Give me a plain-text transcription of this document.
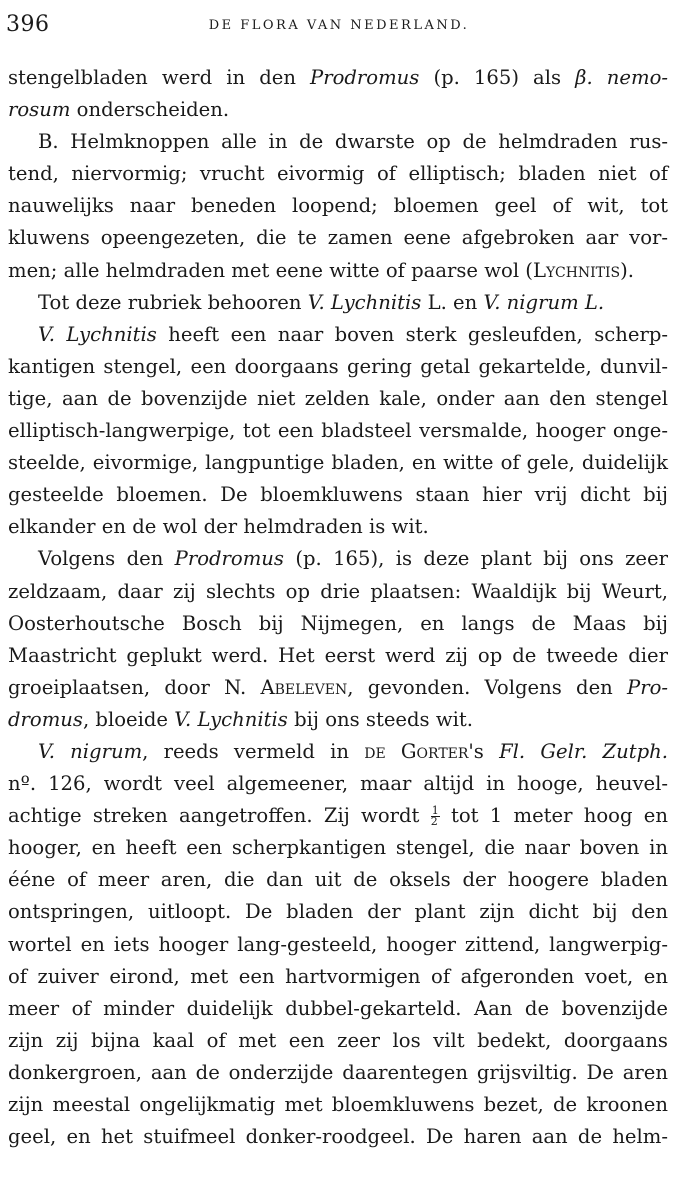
396	DE FLORA VAN NEDERLAND.
stengelbladen werd in den Prodromus (p. 165) als β. nemo-
rosum onderscheiden.
B. Helmknoppen alle in de dwarste op de helmdraden rus-
tend, niervormig; vrucht eivormig of elliptisch; bladen niet of
nauwelijks naar beneden loopend; bloemen geel of wit, tot
kluwens opeengezeten, die te zamen eene afgebroken aar vor-
men; alle helmdraden met eene witte of paarse wol (Lychnitis).
Tot deze rubriek behooren V. Lychnitis L. en V. nigrum L.
V. Lychnitis heeft een naar boven sterk gesleufden, scherp-
kantigen stengel, een doorgaans gering getal gekartelde, dunvil-
tige, aan de bovenzijde niet zelden kale, onder aan den stengel
elliptisch-langwerpige, tot een bladsteel versmalde, hooger onge-
steelde, eivormige, langpuntige bladen, en witte of gele, duidelijk
gesteelde bloemen. De bloemkluwens staan hier vrij dicht bij
elkander en de wol der helmdraden is wit.
Volgens den Prodromus (p. 165), is deze plant bij ons zeer
zeldzaam, daar zij slechts op drie plaatsen: Waaldijk bij Weurt,
Oosterhoutsche Bosch bij Nijmegen, en langs de Maas bij
Maastricht geplukt werd. Het eerst werd zij op de tweede dier
groeiplaatsen, door N. Abeleven, gevonden. Volgens den Pro-
dromus, bloeide V. Lychnitis bij ons steeds wit.
V. nigrum, reeds vermeld in de Gorter's Fl. Gelr. Zutph.
nº. 126, wordt veel algemeener, maar altijd in hooge, heuvel-
achtige streken aangetroffen. Zij wordt $\frac{1}{2}$ tot 1 meter hoog en
hooger, en heeft een scherpkantigen stengel, die naar boven in
ééne of meer aren, die dan uit de oksels der hoogere bladen
ontspringen, uitloopt. De bladen der plant zijn dicht bij den
wortel en iets hooger lang-gesteeld, hooger zittend, langwerpig-
of zuiver eirond, met een hartvormigen of afgeronden voet, en
meer of minder duidelijk dubbel-gekarteld. Aan de bovenzijde
zijn zij bijna kaal of met een zeer los vilt bedekt, doorgaans
donkergroen, aan de onderzijde daarentegen grijsviltig. De aren
zijn meestal ongelijkmatig met bloemkluwens bezet, de kroonen
geel, en het stuifmeel donker-roodgeel. De haren aan de helm-
